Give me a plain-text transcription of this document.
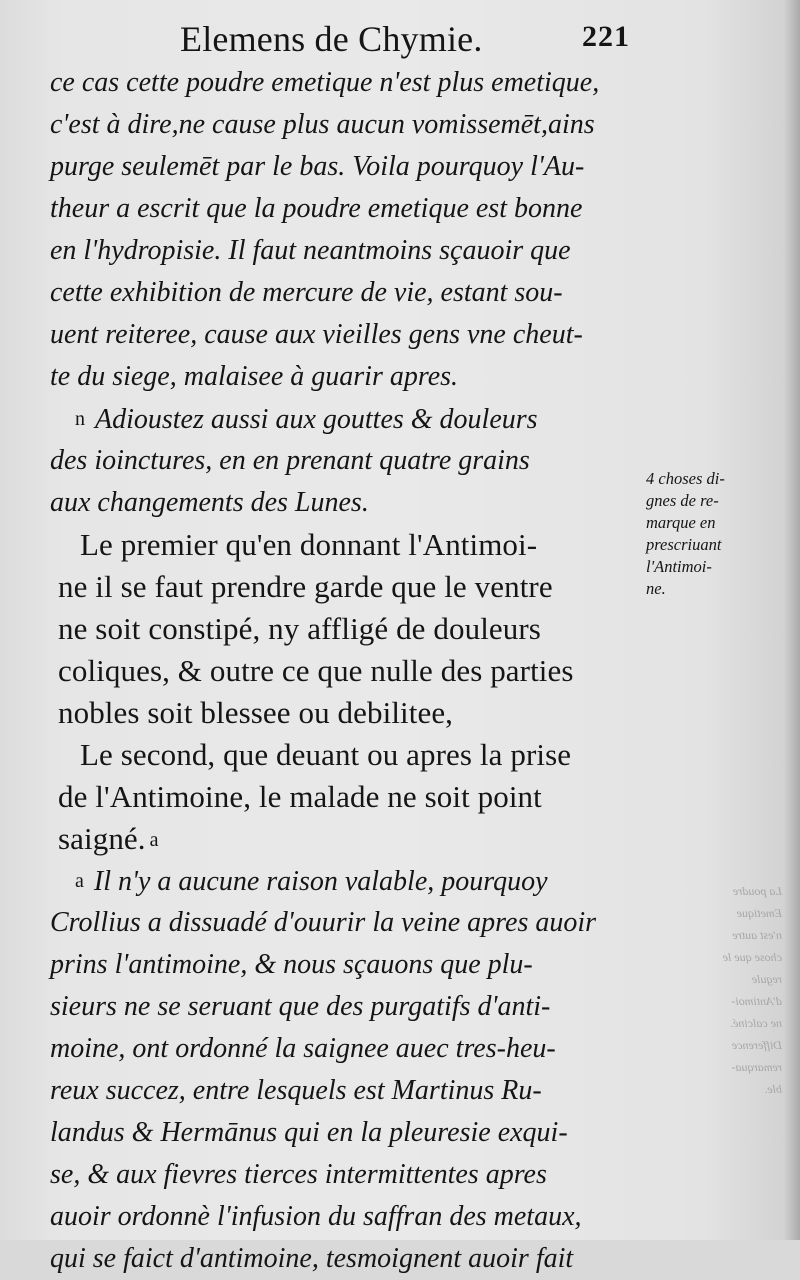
Elemens de Chymie.	221
ce cas cette poudre emetique n'est plus emetique,
c'est à dire,ne cause plus aucun vomissemēt,ains
purge seulemēt par le bas. Voila pourquoy l'Au-
theur a escrit que la poudre emetique est bonne
en l'hydropisie. Il faut neantmoins sçauoir que
cette exhibition de mercure de vie, estant sou-
uent reiteree, cause aux vieilles gens vne cheut-
te du siege, malaisee à guarir apres.
n Adioustez aussi aux gouttes & douleurs
des ioinctures, en en prenant quatre grains
aux changements des Lunes.
Le premier qu'en donnant l'Antimoi-
ne il se faut prendre garde que le ventre
ne soit constipé, ny affligé de douleurs
coliques, & outre ce que nulle des parties
nobles soit blessee ou debilitee,
Le second, que deuant ou apres la prise
de l'Antimoine, le malade ne soit point
saigné. a
a Il n'y a aucune raison valable, pourquoy
Crollius a dissuadé d'ouurir la veine apres auoir
prins l'antimoine, & nous sçauons que plu-
sieurs ne se seruant que des purgatifs d'anti-
moine, ont ordonné la saignee auec tres-heu-
reux succez, entre lesquels est Martinus Ru-
landus & Hermānus qui en la pleuresie exqui-
se, & aux fievres tierces intermittentes apres
auoir ordonnè l'infusion du saffran des metaux,
qui se faict d'antimoine, tesmoignent auoir fait
4 choses di-
gnes de re-
marque en
prescriuant
l'Antimoi-
ne.
La poudre
Emetique
n'est autre
chose que le
regule
d'Antimoi-
ne calciné.
Difference
remarqua-
ble.
